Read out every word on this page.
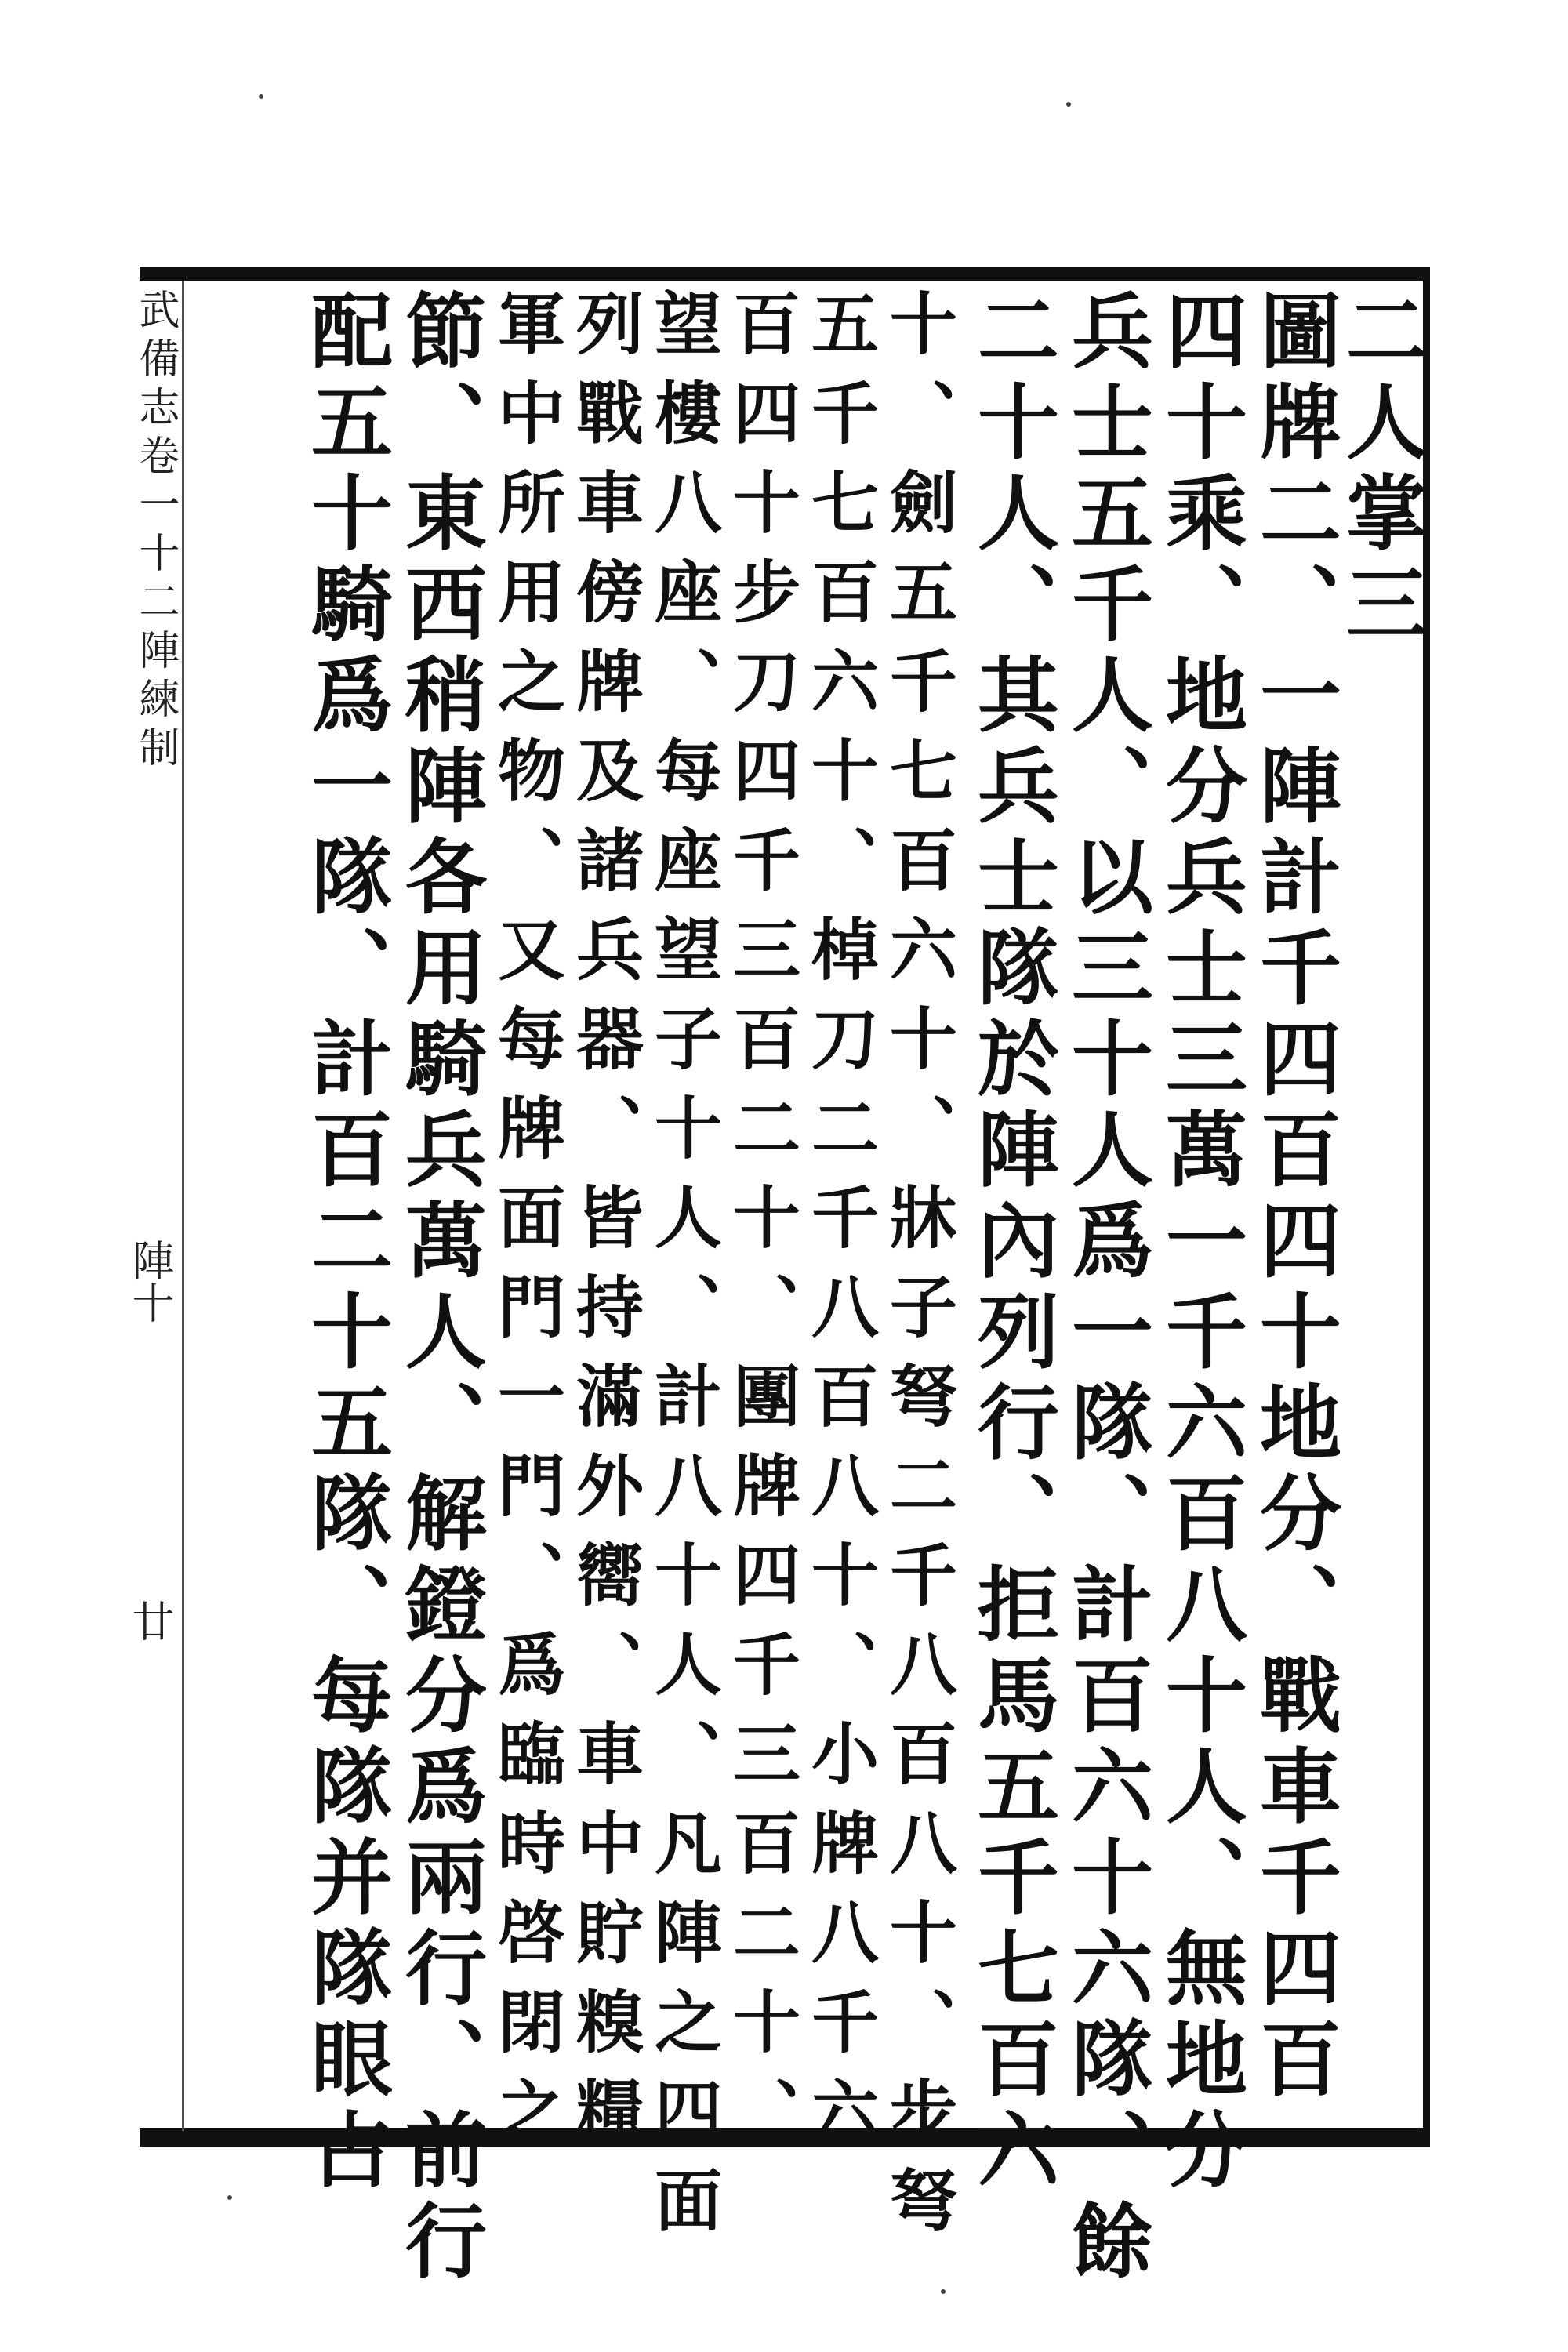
武備志卷一十二陣練制
陣十
廿
二人掌三
圖牌二、一陣計千四百四十地分、戰車千四百
四十乘、地分兵士三萬一千六百八十人、無地分
兵士五千人、以三十人爲一隊、計百六十六隊、餘
二十人、其兵士隊於陣內列行、拒馬五千七百六
十、劍五千七百六十、牀子弩二千八百八十、步弩
五千七百六十、棹刀二千八百八十、小牌八千六
百四十步刀四千三百二十、團牌四千三百二十、
望樓八座、每座望子十人、計八十人、凡陣之四面
列戰車傍牌及諸兵器、皆持滿外嚮、車中貯糗糧
軍中所用之物、又每牌面門一門、爲臨時啓閉之
節、東西稍陣各用騎兵萬人、解鐙分爲兩行、前行
配五十騎爲一隊、計百二十五隊、每隊并隊眼占
